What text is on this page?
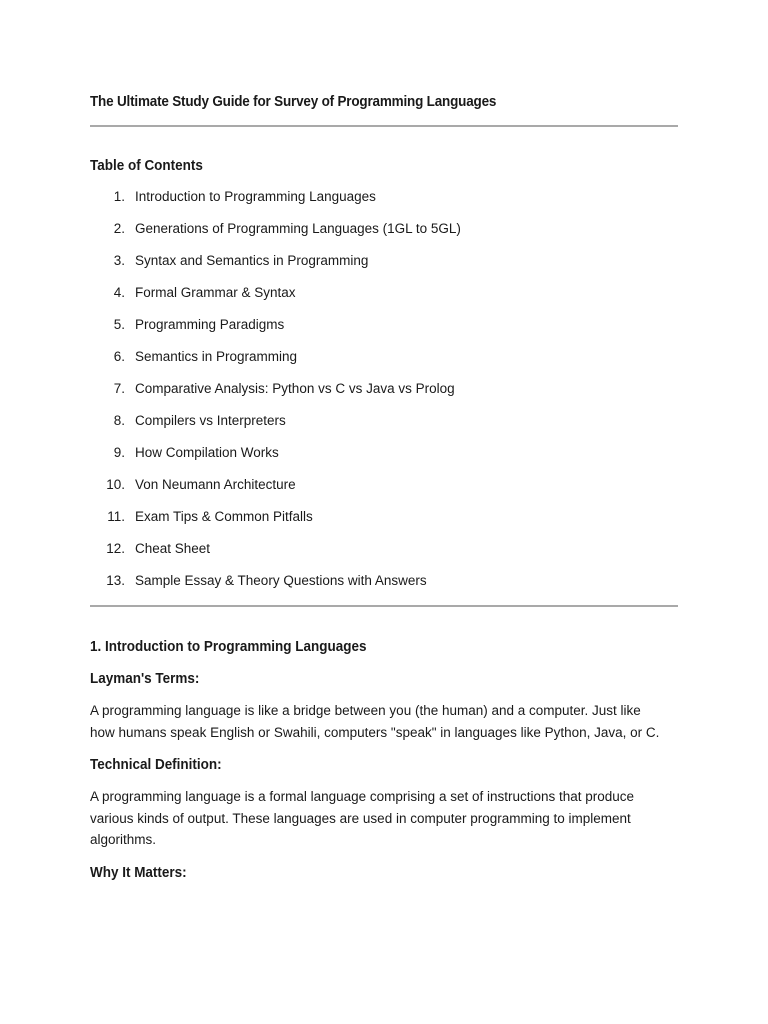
The Ultimate Study Guide for Survey of Programming Languages
Table of Contents
1. Introduction to Programming Languages
2. Generations of Programming Languages (1GL to 5GL)
3. Syntax and Semantics in Programming
4. Formal Grammar & Syntax
5. Programming Paradigms
6. Semantics in Programming
7. Comparative Analysis: Python vs C vs Java vs Prolog
8. Compilers vs Interpreters
9. How Compilation Works
10. Von Neumann Architecture
11. Exam Tips & Common Pitfalls
12. Cheat Sheet
13. Sample Essay & Theory Questions with Answers
1. Introduction to Programming Languages
Layman's Terms:

A programming language is like a bridge between you (the human) and a computer. Just like
how humans speak English or Swahili, computers "speak" in languages like Python, Java, or C.

Technical Definition:

A programming language is a formal language comprising a set of instructions that produce
various kinds of output. These languages are used in computer programming to implement
algorithms.

Why It Matters:
